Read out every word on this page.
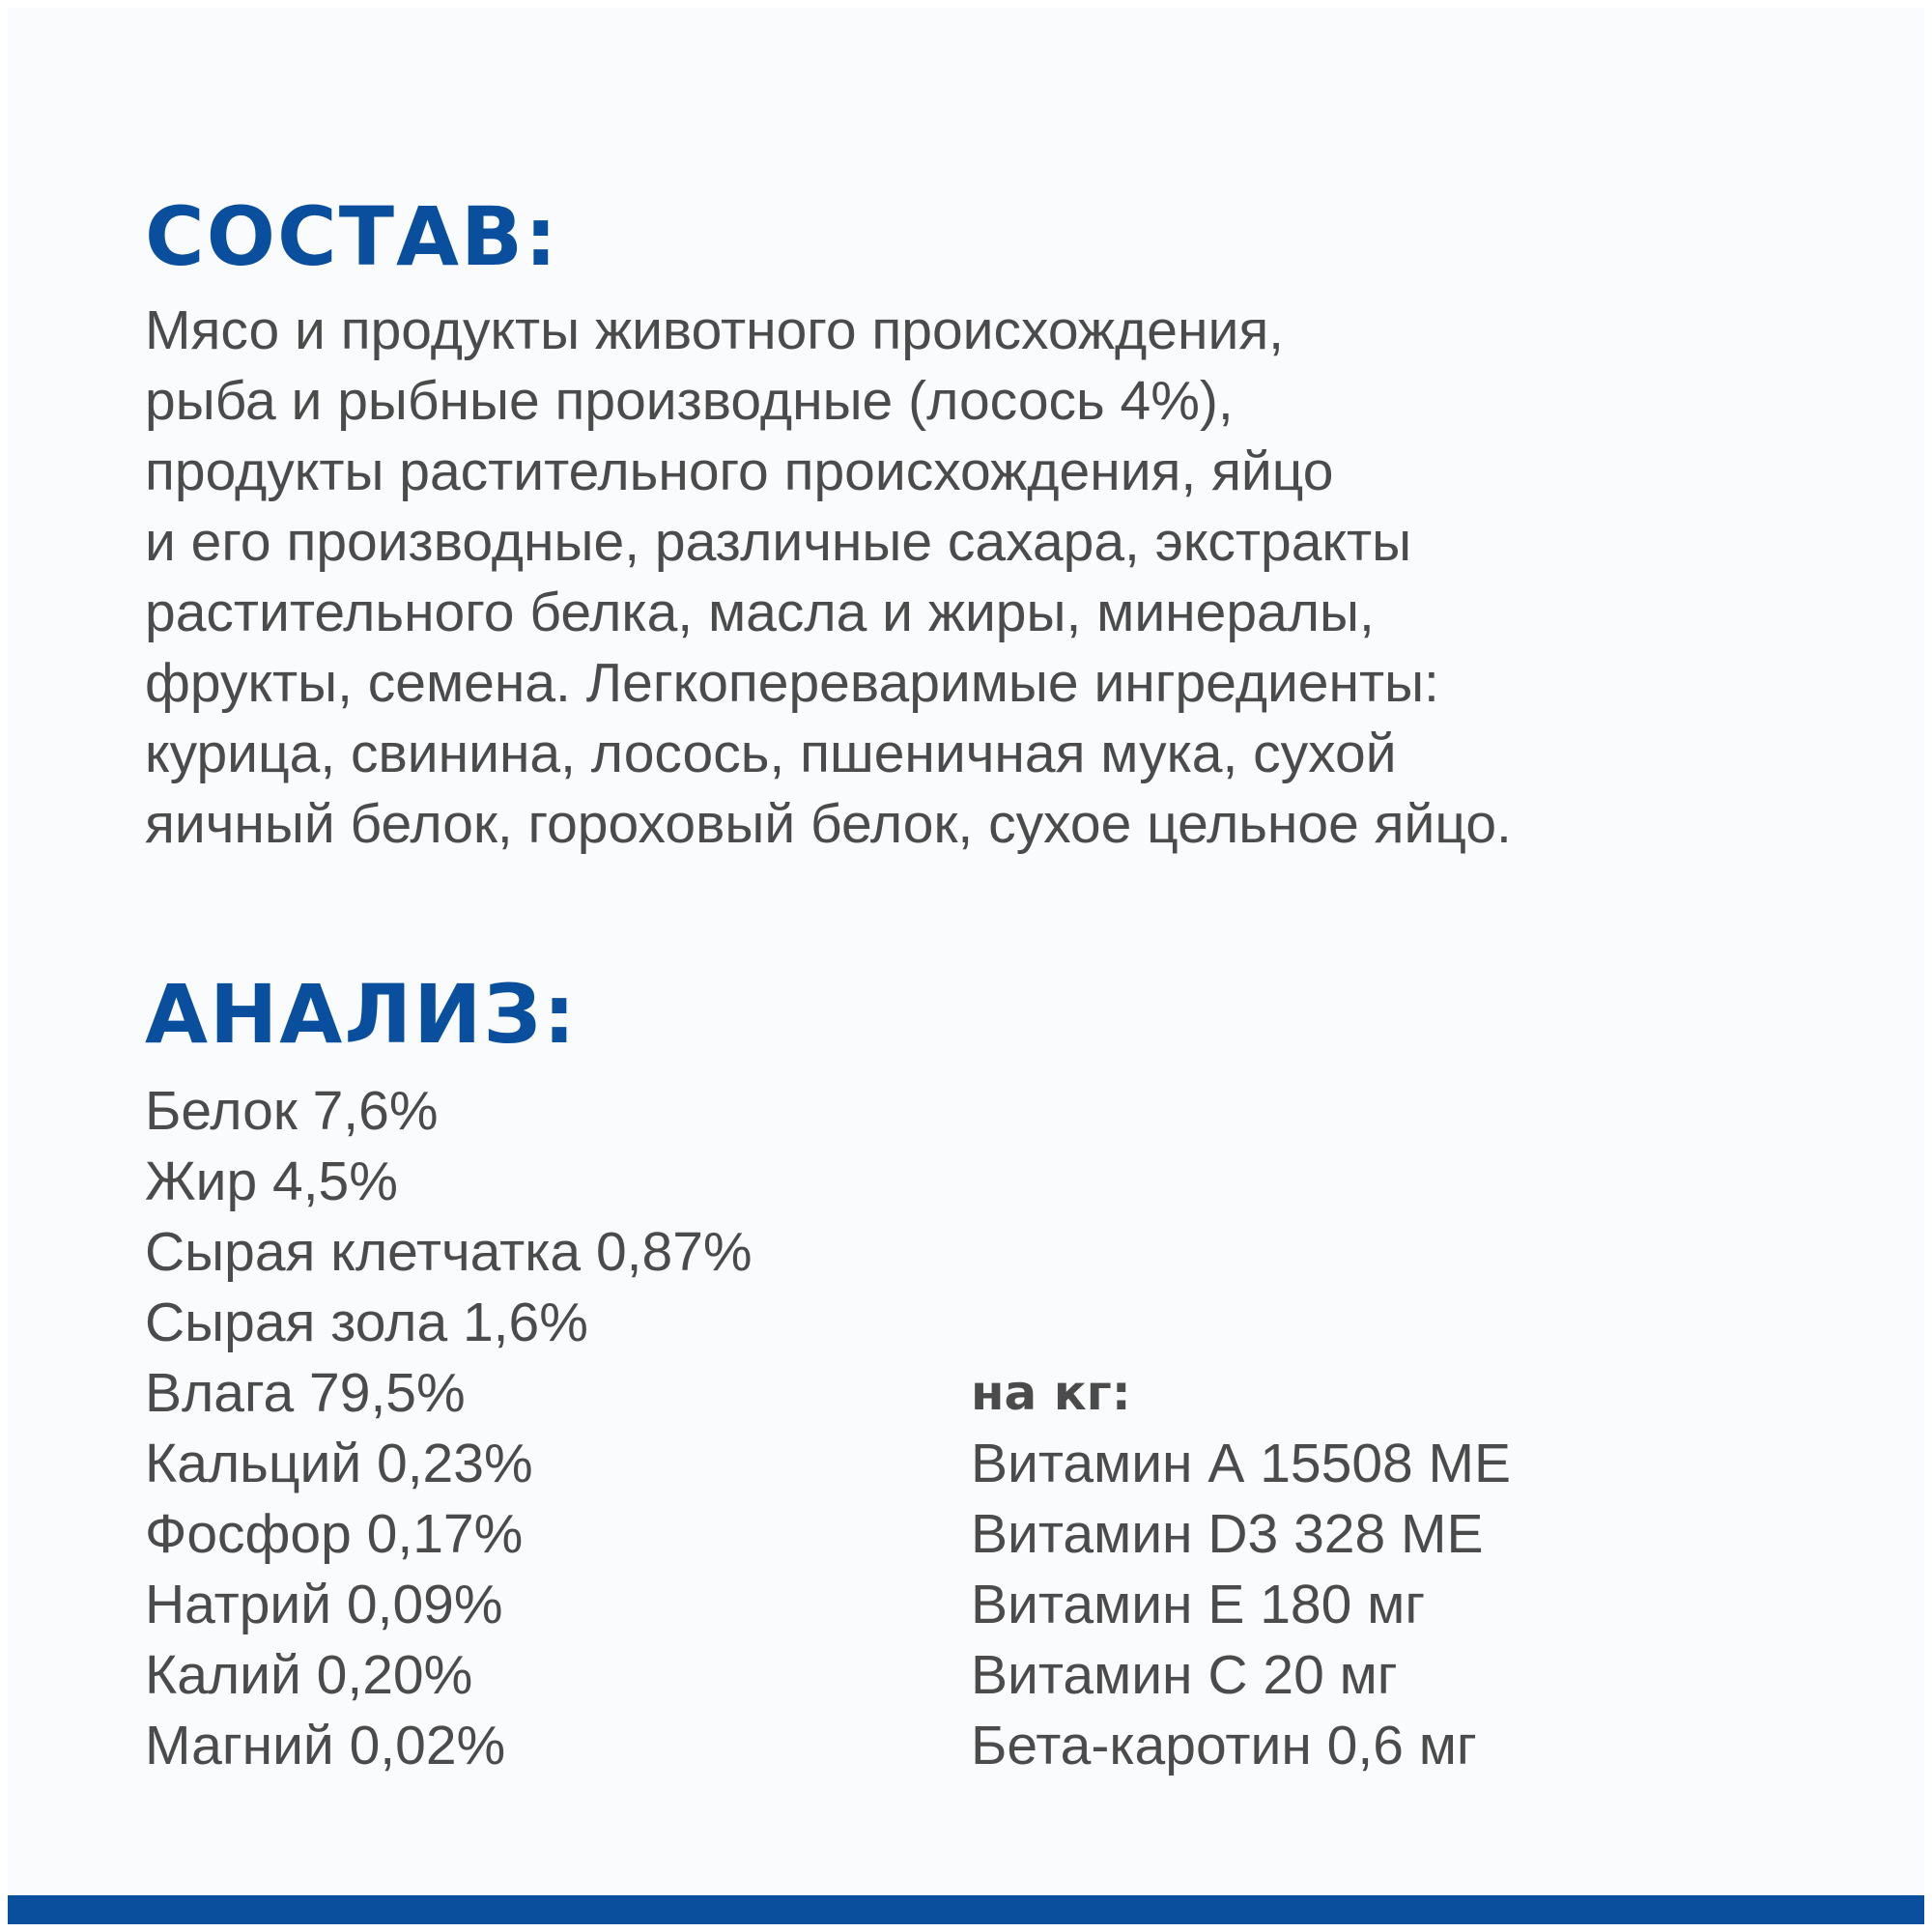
СОСТАВ:

Мясо и продукты животного происхождения,
рыба и рыбные производные (лосось 4%),
продукты растительного происхождения, яйцо
и его производные, различные сахара, экстракты
растительного белка, масла и жиры, минералы,
фрукты, семена. Легкопереваримые ингредиенты:
курица, свинина, лосось, пшеничная мука, сухой
яичный белок, гороховый белок, сухое цельное яйцо.

АНАЛИЗ:
Белок 7,6%
Жир 4,5%
Сырая клетчатка 0,87%
Сырая зола 1,6%
Влага 79,5%
Кальций 0,23%
Фосфор 0,17%
Натрий 0,09%
Калий 0,20%
Магний 0,02%

на кг:

Витамин А 15508 МЕ
Витамин D3 328 МЕ
Витамин Е 180 мг
Витамин С 20 мг
Бета-каротин 0,6 мг
